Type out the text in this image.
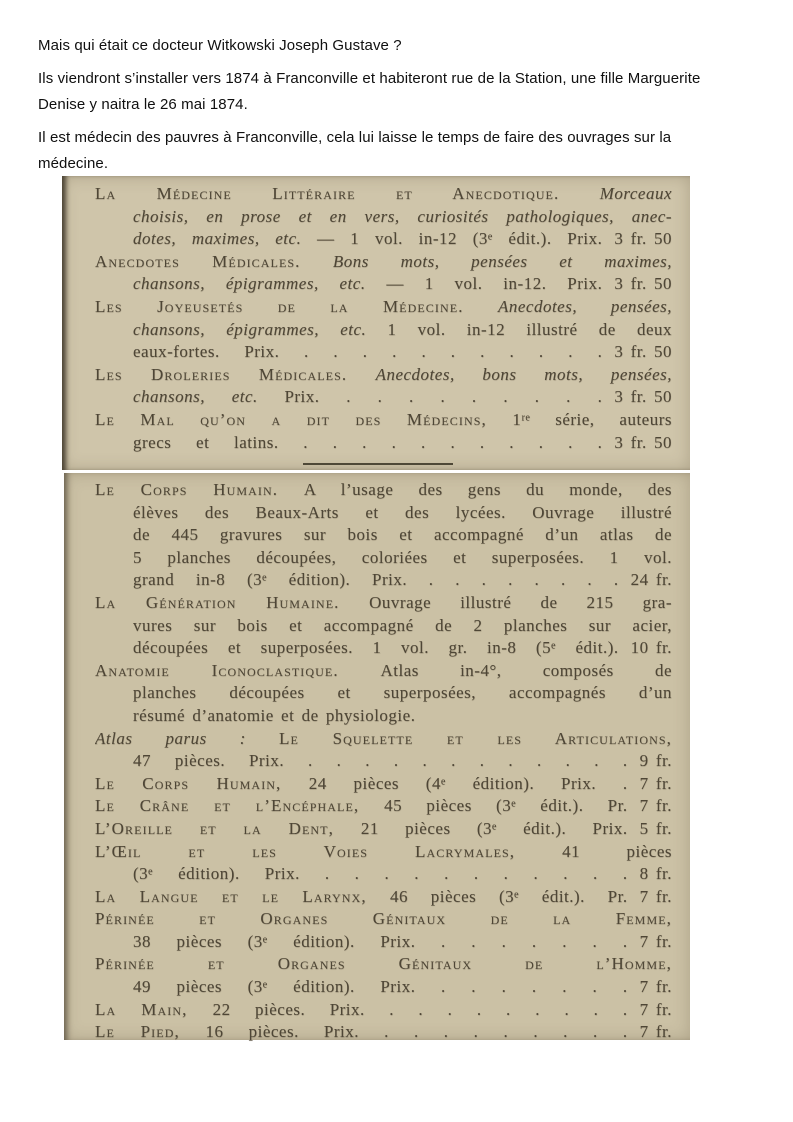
Mais qui était ce docteur Witkowski Joseph Gustave ?
Ils viendront s’installer vers 1874 à Franconville et habiteront rue de la Station, une fille Marguerite
Denise y naitra le 26 mai 1874.
Il est médecin des pauvres à Franconville, cela lui laisse le temps de faire des ouvrages sur la
médecine.
La Médecine Littéraire et Anecdotique. Morceaux
choisis, en prose et en vers, curiosités pathologiques, anec-
dotes, maximes, etc. — 1 vol. in-12 (3ᵉ édit.). Prix. 3 fr. 50
Anecdotes Médicales. Bons mots, pensées et maximes,
chansons, épigrammes, etc. — 1 vol. in-12. Prix. 3 fr. 50
Les Joyeusetés de la Médecine. Anecdotes, pensées,
chansons, épigrammes, etc. 1 vol. in-12 illustré de deux
eaux-fortes. Prix. . . . . . . . . . . . 3 fr. 50
Les Droleries Médicales. Anecdotes, bons mots, pensées,
chansons, etc. Prix. . . . . . . . . . 3 fr. 50
Le Mal qu’on a dit des Médecins, 1ʳᵉ série, auteurs
grecs et latins. . . . . . . . . . . . 3 fr. 50
Le Corps Humain. A l’usage des gens du monde, des
élèves des Beaux-Arts et des lycées. Ouvrage illustré
de 445 gravures sur bois et accompagné d’un atlas de
5 planches découpées, coloriées et superposées. 1 vol.
grand in-8 (3ᵉ édition). Prix. . . . . . . . . 24 fr.
La Génération Humaine. Ouvrage illustré de 215 gra-
vures sur bois et accompagné de 2 planches sur acier,
découpées et superposées. 1 vol. gr. in-8 (5ᵉ édit.). 10 fr.
Anatomie Iconoclastique. Atlas in-4°, composés de
planches découpées et superposées, accompagnés d’un
résumé d’anatomie et de physiologie.
Atlas parus : Le Squelette et les Articulations,
47 pièces. Prix. . . . . . . . . . . . . 9 fr.
Le Corps Humain, 24 pièces (4ᵉ édition). Prix. . 7 fr.
Le Crâne et l’Encéphale, 45 pièces (3ᵉ édit.). Pr. 7 fr.
L’Oreille et la Dent, 21 pièces (3ᵉ édit.). Prix. 5 fr.
L’Œil et les Voies Lacrymales, 41 pièces
(3ᵉ édition). Prix. . . . . . . . . . . . 8 fr.
La Langue et le Larynx, 46 pièces (3ᵉ édit.). Pr. 7 fr.
Périnée et Organes Génitaux de la Femme,
38 pièces (3ᵉ édition). Prix. . . . . . . . 7 fr.
Périnée et Organes Génitaux de l’Homme,
49 pièces (3ᵉ édition). Prix. . . . . . . . 7 fr.
La Main, 22 pièces. Prix. . . . . . . . . . 7 fr.
Le Pied, 16 pièces. Prix. . . . . . . . . . 7 fr.
